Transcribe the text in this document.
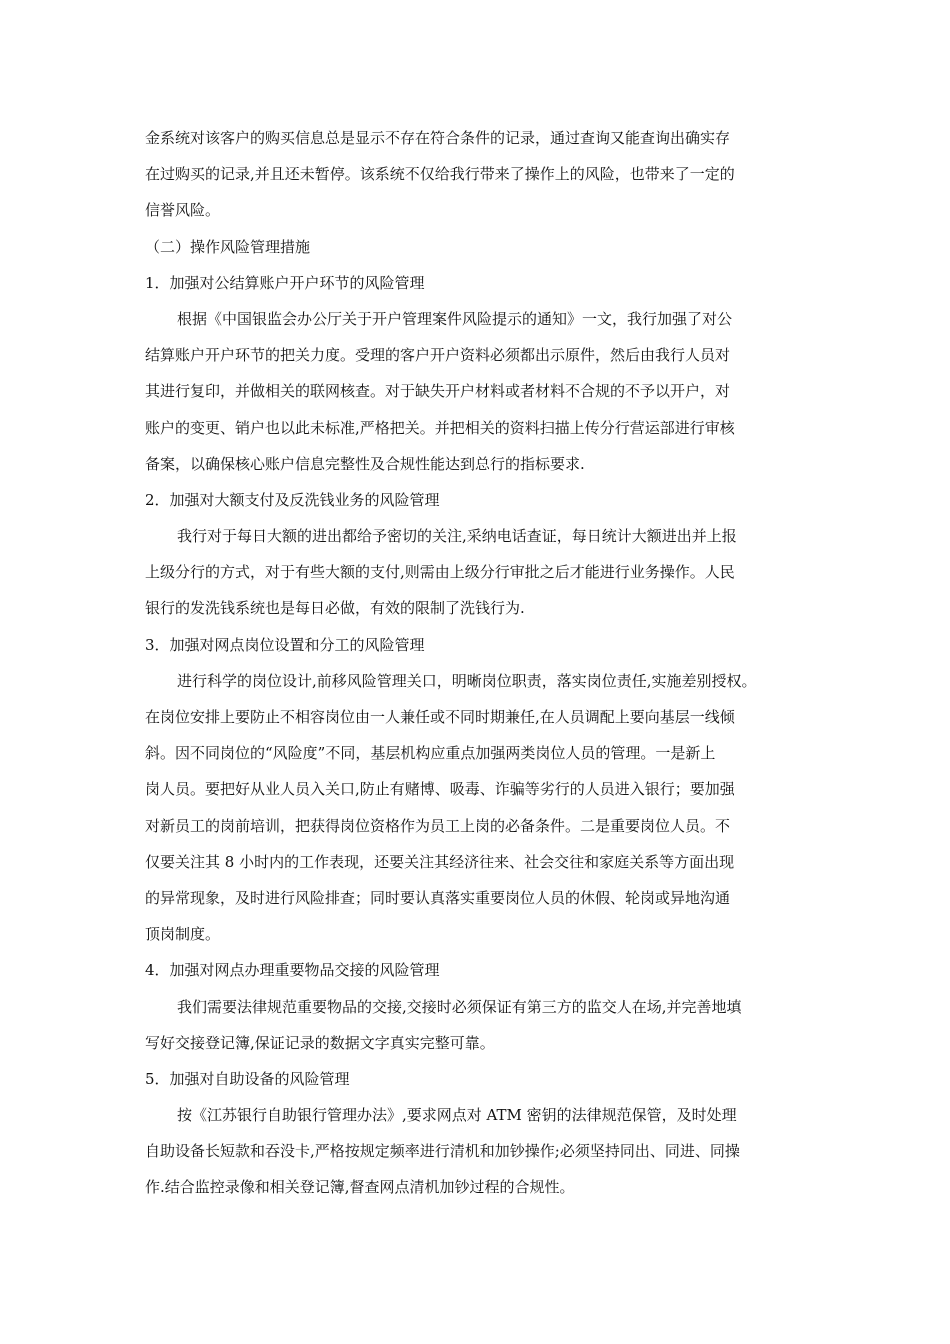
金系统对该客户的购买信息总是显示不存在符合条件的记录，通过查询又能查询出确实存
在过购买的记录,并且还未暂停。该系统不仅给我行带来了操作上的风险，也带来了一定的
信誉风险。
（二）操作风险管理措施
1．加强对公结算账户开户环节的风险管理
根据《中国银监会办公厅关于开户管理案件风险提示的通知》一文，我行加强了对公
结算账户开户环节的把关力度。受理的客户开户资料必须都出示原件，然后由我行人员对
其进行复印，并做相关的联网核查。对于缺失开户材料或者材料不合规的不予以开户，对
账户的变更、销户也以此未标准,严格把关。并把相关的资料扫描上传分行营运部进行审核
备案，以确保核心账户信息完整性及合规性能达到总行的指标要求.
2．加强对大额支付及反洗钱业务的风险管理
我行对于每日大额的进出都给予密切的关注,采纳电话查证，每日统计大额进出并上报
上级分行的方式，对于有些大额的支付,则需由上级分行审批之后才能进行业务操作。人民
银行的发洗钱系统也是每日必做，有效的限制了洗钱行为.
3．加强对网点岗位设置和分工的风险管理
进行科学的岗位设计,前移风险管理关口，明晰岗位职责，落实岗位责任,实施差别授权。
在岗位安排上要防止不相容岗位由一人兼任或不同时期兼任,在人员调配上要向基层一线倾
斜。因不同岗位的“风险度”不同，基层机构应重点加强两类岗位人员的管理。一是新上
岗人员。要把好从业人员入关口,防止有赌博、吸毒、诈骗等劣行的人员进入银行；要加强
对新员工的岗前培训，把获得岗位资格作为员工上岗的必备条件。二是重要岗位人员。不
仅要关注其 8 小时内的工作表现，还要关注其经济往来、社会交往和家庭关系等方面出现
的异常现象，及时进行风险排查；同时要认真落实重要岗位人员的休假、轮岗或异地沟通
顶岗制度。
4．加强对网点办理重要物品交接的风险管理
我们需要法律规范重要物品的交接,交接时必须保证有第三方的监交人在场,并完善地填
写好交接登记簿,保证记录的数据文字真实完整可靠。
5．加强对自助设备的风险管理
按《江苏银行自助银行管理办法》,要求网点对 ATM 密钥的法律规范保管，及时处理
自助设备长短款和吞没卡,严格按规定频率进行清机和加钞操作;必须坚持同出、同进、同操
作.结合监控录像和相关登记簿,督查网点清机加钞过程的合规性。
